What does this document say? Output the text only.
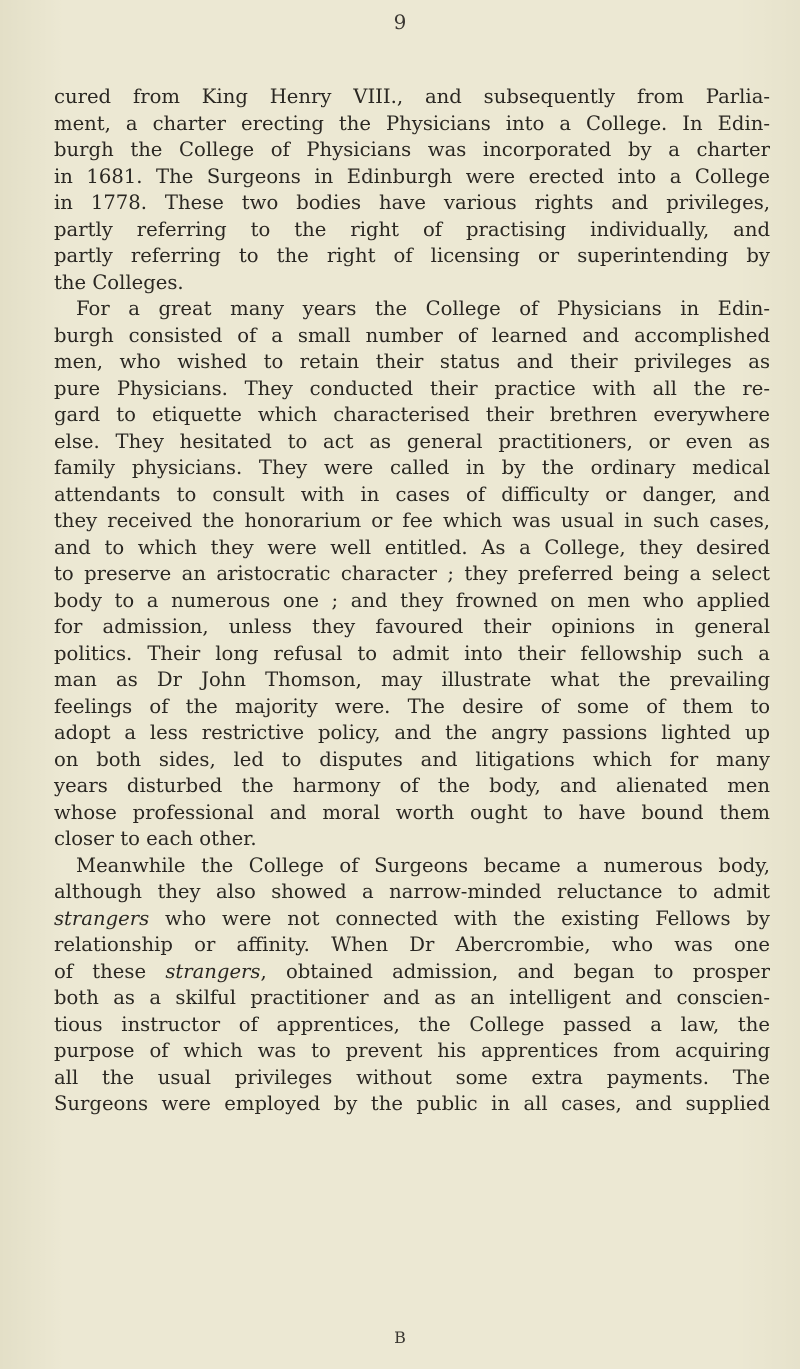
9
cured from King Henry VIII., and subsequently from Parlia-
ment, a charter erecting the Physicians into a College. In Edin-
burgh the College of Physicians was incorporated by a charter
in 1681. The Surgeons in Edinburgh were erected into a College
in 1778. These two bodies have various rights and privileges,
partly referring to the right of practising individually, and
partly referring to the right of licensing or superintending by
the Colleges.
For a great many years the College of Physicians in Edin-
burgh consisted of a small number of learned and accomplished
men, who wished to retain their status and their privileges as
pure Physicians. They conducted their practice with all the re-
gard to etiquette which characterised their brethren everywhere
else. They hesitated to act as general practitioners, or even as
family physicians. They were called in by the ordinary medical
attendants to consult with in cases of difficulty or danger, and
they received the honorarium or fee which was usual in such cases,
and to which they were well entitled. As a College, they desired
to preserve an aristocratic character ; they preferred being a select
body to a numerous one ; and they frowned on men who applied
for admission, unless they favoured their opinions in general
politics. Their long refusal to admit into their fellowship such a
man as Dr John Thomson, may illustrate what the prevailing
feelings of the majority were. The desire of some of them to
adopt a less restrictive policy, and the angry passions lighted up
on both sides, led to disputes and litigations which for many
years disturbed the harmony of the body, and alienated men
whose professional and moral worth ought to have bound them
closer to each other.
Meanwhile the College of Surgeons became a numerous body,
although they also showed a narrow-minded reluctance to admit
strangers who were not connected with the existing Fellows by
relationship or affinity. When Dr Abercrombie, who was one
of these strangers, obtained admission, and began to prosper
both as a skilful practitioner and as an intelligent and conscien-
tious instructor of apprentices, the College passed a law, the
purpose of which was to prevent his apprentices from acquiring
all the usual privileges without some extra payments. The
Surgeons were employed by the public in all cases, and supplied
B
